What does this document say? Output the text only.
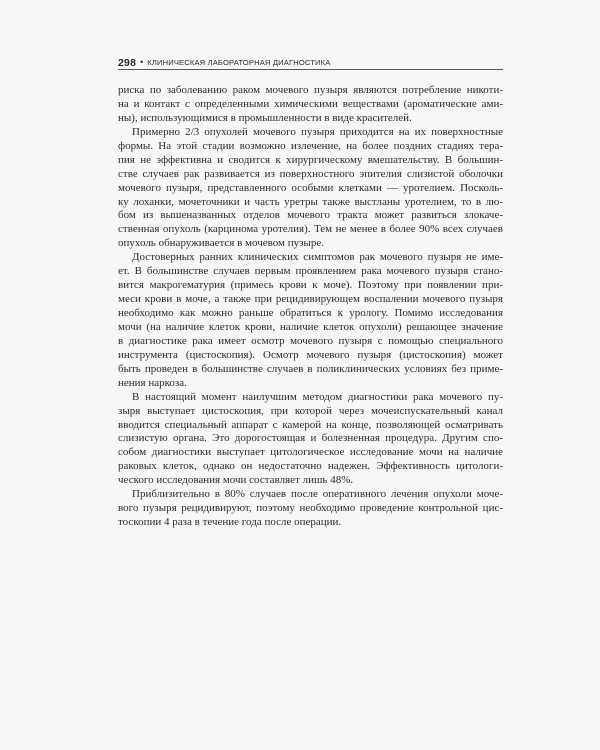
298 • КЛИНИЧЕСКАЯ ЛАБОРАТОРНАЯ ДИАГНОСТИКА
риска по заболеванию раком мочевого пузыря являются потребление никоти-
на и контакт с определенными химическими веществами (ароматические ами-
ны), использующимися в промышленности в виде красителей.
Примерно 2/3 опухолей мочевого пузыря приходится на их поверхностные
формы. На этой стадии возможно излечение, на более поздних стадиях тера-
пия не эффективна и сводится к хирургическому вмешательству. В большин-
стве случаев рак развивается из поверхностного эпителия слизистой оболочки
мочевого пузыря, представленного особыми клетками — уротелием. Посколь-
ку лоханки, мочеточники и часть уретры также выстланы уротелием, то в лю-
бом из вышеназванных отделов мочевого тракта может развиться злокаче-
ственная опухоль (карцинома уротелия). Тем не менее в более 90% всех случаев
опухоль обнаруживается в мочевом пузыре.
Достоверных ранних клинических симптомов рак мочевого пузыря не име-
ет. В большинстве случаев первым проявлением рака мочевого пузыря стано-
вится макрогематурия (примесь крови к моче). Поэтому при появлении при-
меси крови в моче, а также при рецидивирующем воспалении мочевого пузыря
необходимо как можно раньше обратиться к урологу. Помимо исследования
мочи (на наличие клеток крови, наличие клеток опухоли) решающее значение
в диагностике рака имеет осмотр мочевого пузыря с помощью специального
инструмента (цистоскопия). Осмотр мочевого пузыря (цистоскопия) может
быть проведен в большинстве случаев в поликлинических условиях без приме-
нения наркоза.
В настоящий момент наилучшим методом диагностики рака мочевого пу-
зыря выступает цистоскопия, при которой через мочеиспускательный канал
вводится специальный аппарат с камерой на конце, позволяющей осматривать
слизистую органа. Это дорогостоящая и болезненная процедура. Другим спо-
собом диагностики выступает цитологическое исследование мочи на наличие
раковых клеток, однако он недостаточно надежен. Эффективность цитологи-
ческого исследования мочи составляет лишь 48%.
Приблизительно в 80% случаев после оперативного лечения опухоли моче-
вого пузыря рецидивируют, поэтому необходимо проведение контрольной цис-
тоскопии 4 раза в течение года после операции.
